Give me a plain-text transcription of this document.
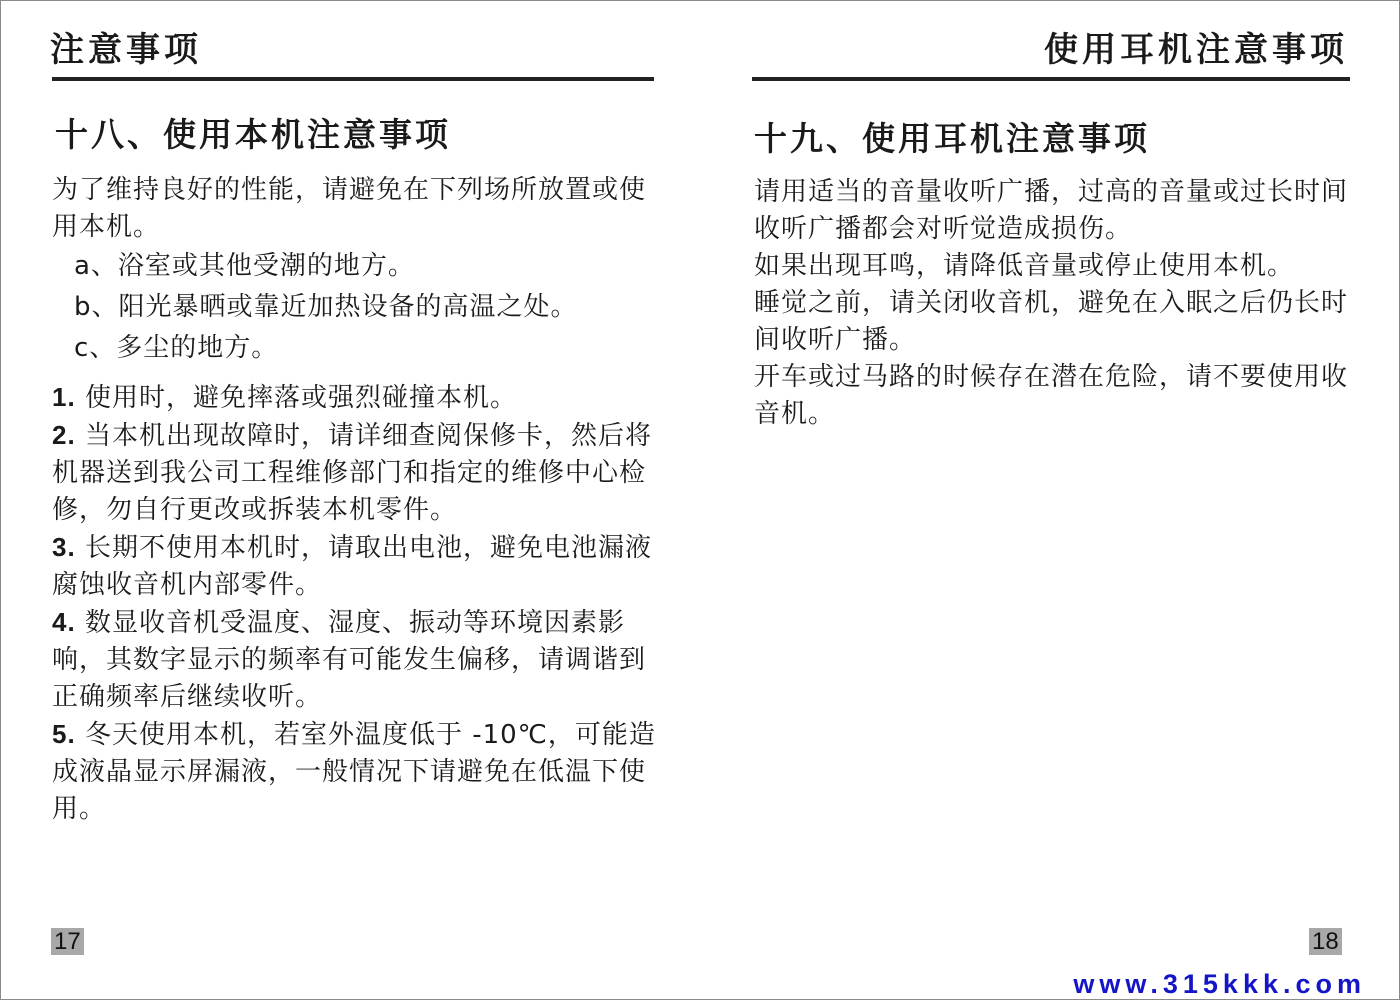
注意事项
十八、使用本机注意事项

为了维持良好的性能，请避免在下列场所放置或使用本机。

a、浴室或其他受潮的地方。
b、阳光暴晒或靠近加热设备的高温之处。
c、多尘的地方。
1. 使用时，避免摔落或强烈碰撞本机。
2. 当本机出现故障时，请详细查阅保修卡，然后将机器送到我公司工程维修部门和指定的维修中心检修，勿自行更改或拆装本机零件。
3. 长期不使用本机时，请取出电池，避免电池漏液腐蚀收音机内部零件。
4. 数显收音机受温度、湿度、振动等环境因素影响，其数字显示的频率有可能发生偏移，请调谐到正确频率后继续收听。
5. 冬天使用本机，若室外温度低于 -10℃，可能造成液晶显示屏漏液，一般情况下请避免在低温下使用。
17
使用耳机注意事项
十九、使用耳机注意事项

请用适当的音量收听广播，过高的音量或过长时间收听广播都会对听觉造成损伤。

如果出现耳鸣，请降低音量或停止使用本机。

睡觉之前，请关闭收音机，避免在入眠之后仍长时间收听广播。

开车或过马路的时候存在潜在危险，请不要使用收音机。

18
www.315kkk.com
